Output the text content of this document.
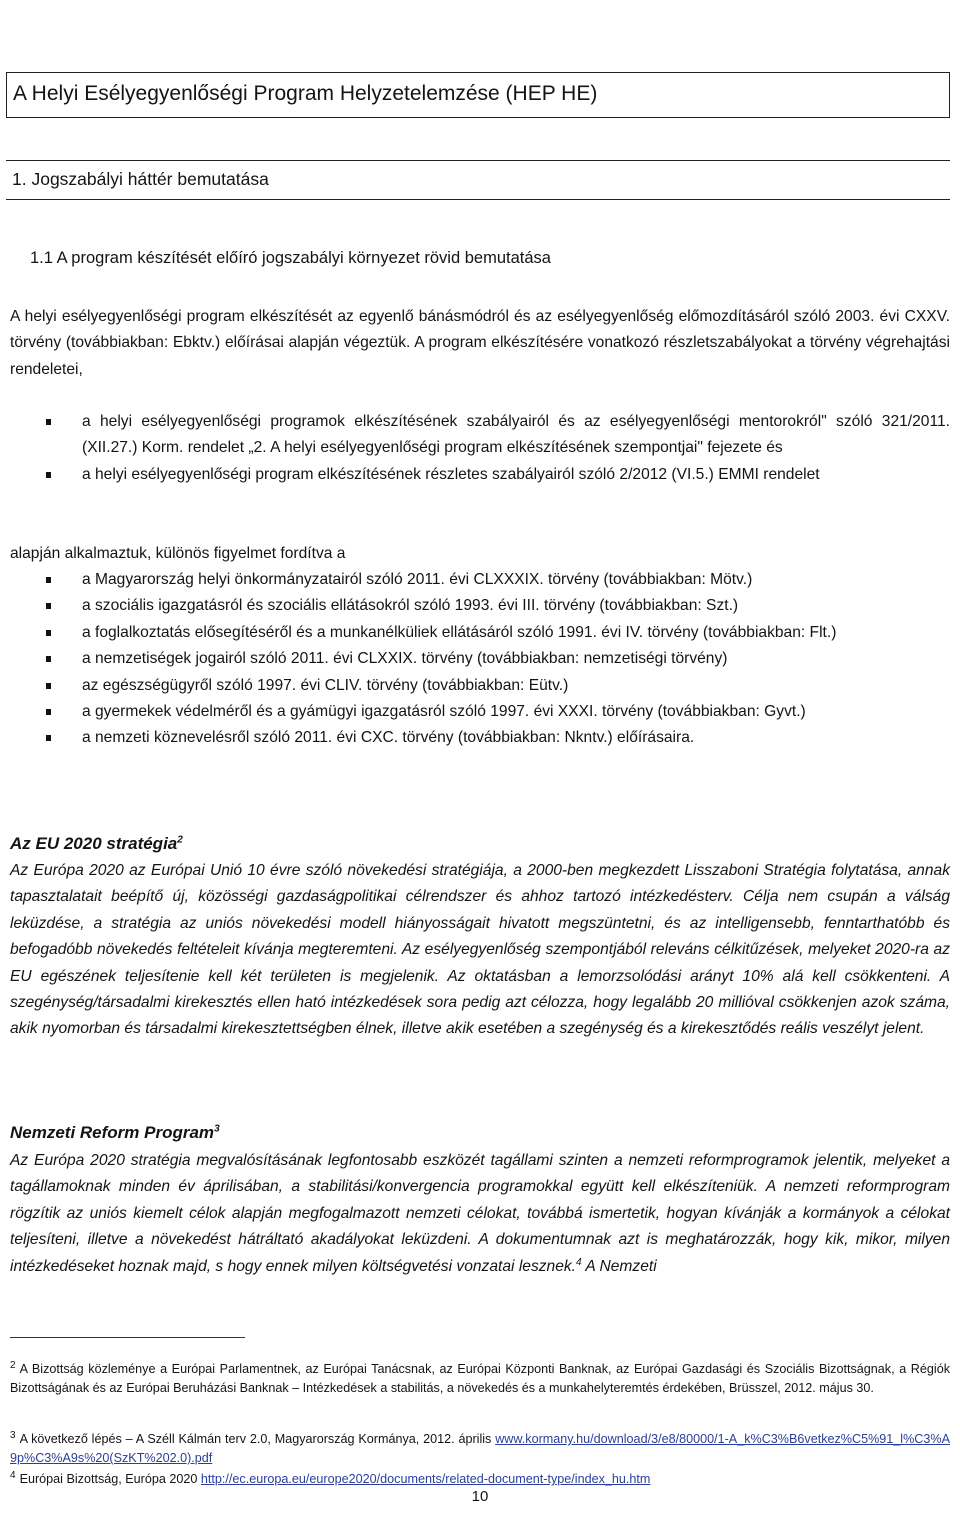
A Helyi Esélyegyenlőségi Program Helyzetelemzése (HEP HE)
1. Jogszabályi háttér bemutatása
1.1 A program készítését előíró jogszabályi környezet rövid bemutatása
A helyi esélyegyenlőségi program elkészítését az egyenlő bánásmódról és az esélyegyenlőség előmozdításáról szóló 2003. évi CXXV. törvény (továbbiakban: Ebktv.) előírásai alapján végeztük. A program elkészítésére vonatkozó részletszabályokat a törvény végrehajtási rendeletei,
a helyi esélyegyenlőségi programok elkészítésének szabályairól és az esélyegyenlőségi mentorokról" szóló 321/2011. (XII.27.) Korm. rendelet „2. A helyi esélyegyenlőségi program elkészítésének szempontjai" fejezete és
a helyi esélyegyenlőségi program elkészítésének részletes szabályairól szóló 2/2012 (VI.5.) EMMI rendelet
alapján alkalmaztuk, különös figyelmet fordítva a
a Magyarország helyi önkormányzatairól szóló 2011. évi CLXXXIX. törvény (továbbiakban: Mötv.)
a szociális igazgatásról és szociális ellátásokról szóló 1993. évi III. törvény (továbbiakban: Szt.)
a foglalkoztatás elősegítéséről és a munkanélküliek ellátásáról szóló 1991. évi IV. törvény (továbbiakban: Flt.)
a nemzetiségek jogairól szóló 2011. évi CLXXIX. törvény (továbbiakban: nemzetiségi törvény)
az egészségügyről szóló 1997. évi CLIV. törvény (továbbiakban: Eütv.)
a gyermekek védelméről és a gyámügyi igazgatásról szóló 1997. évi XXXI. törvény (továbbiakban: Gyvt.)
a nemzeti köznevelésről szóló 2011. évi CXC. törvény (továbbiakban: Nkntv.) előírásaira.
Az EU 2020 stratégia$^2$
Az Európa 2020 az Európai Unió 10 évre szóló növekedési stratégiája, a 2000-ben megkezdett Lisszaboni Stratégia folytatása, annak tapasztalatait beépítő új, közösségi gazdaságpolitikai célrendszer és ahhoz tartozó intézkedésterv. Célja nem csupán a válság leküzdése, a stratégia az uniós növekedési modell hiányosságait hivatott megszüntetni, és az intelligensebb, fenntarthatóbb és befogadóbb növekedés feltételeit kívánja megteremteni. Az esélyegyenlőség szempontjából releváns célkitűzések, melyeket 2020-ra az EU egészének teljesítenie kell két területen is megjelenik. Az oktatásban a lemorzsolódási arányt 10% alá kell csökkenteni. A szegénység/társadalmi kirekesztés ellen ható intézkedések sora pedig azt célozza, hogy legalább 20 millióval csökkenjen azok száma, akik nyomorban és társadalmi kirekesztettségben élnek, illetve akik esetében a szegénység és a kirekesztődés reális veszélyt jelent.
Nemzeti Reform Program$^3$
Az Európa 2020 stratégia megvalósításának legfontosabb eszközét tagállami szinten a nemzeti reformprogramok jelentik, melyeket a tagállamoknak minden év áprilisában, a stabilitási/konvergencia programokkal együtt kell elkészíteniük. A nemzeti reformprogram rögzítik az uniós kiemelt célok alapján megfogalmazott nemzeti célokat, továbbá ismertetik, hogyan kívánják a kormányok a célokat teljesíteni, illetve a növekedést hátráltató akadályokat leküzdeni. A dokumentumnak azt is meghatározzák, hogy kik, mikor, milyen intézkedéseket hoznak majd, s hogy ennek milyen költségvetési vonzatai lesznek.$^4$ A Nemzeti
$^2$ A Bizottság közleménye a Európai Parlamentnek, az Európai Tanácsnak, az Európai Központi Banknak, az Európai Gazdasági és Szociális Bizottságnak, a Régiók Bizottságának és az Európai Beruházási Banknak – Intézkedések a stabilitás, a növekedés és a munkahelyteremtés érdekében, Brüsszel, 2012. május 30.
$^3$ A következő lépés – A Széll Kálmán terv 2.0, Magyarország Kormánya, 2012. április www.kormany.hu/download/3/e8/80000/1-A_k%C3%B6vetkez%C5%91_l%C3%A9p%C3%A9s%20(SzKT%202.0).pdf
$^4$ Európai Bizottság, Európa 2020 http://ec.europa.eu/europe2020/documents/related-document-type/index_hu.htm
10
